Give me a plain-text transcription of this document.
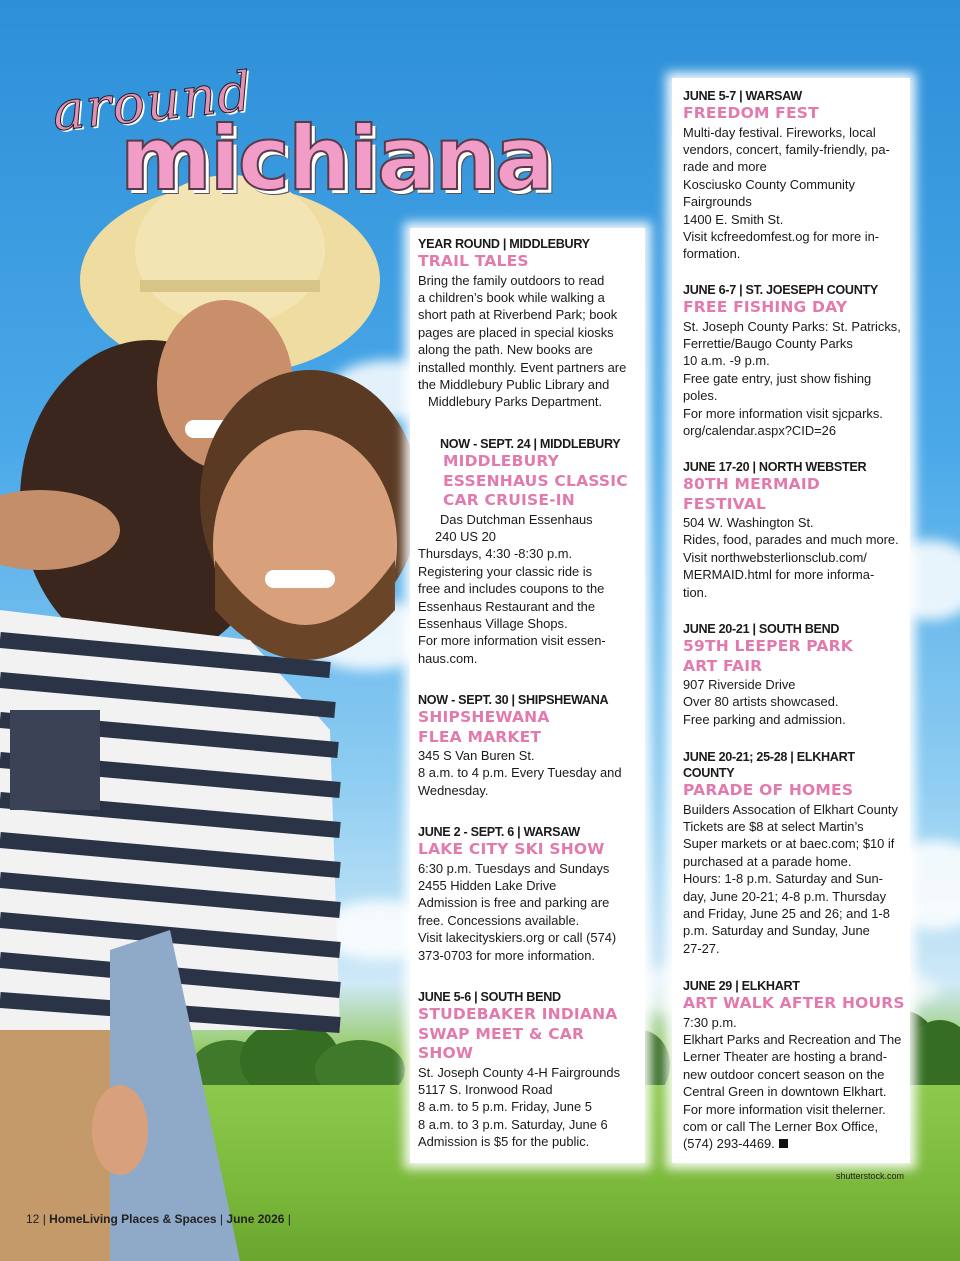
around
michiana
YEAR ROUND | MIDDLEBURY
TRAIL TALES
Bring the family outdoors to read
a children’s book while walking a
short path at Riverbend Park; book
pages are placed in special kiosks
along the path. New books are
installed monthly. Event partners are
the Middlebury Public Library and
Middlebury Parks Department.
NOW - SEPT. 24 | MIDDLEBURY
MIDDLEBURY
ESSENHAUS CLASSIC
CAR CRUISE-IN
Das Dutchman Essenhaus
240 US 20
Thursdays, 4:30 -8:30 p.m.
Registering your classic ride is
free and includes coupons to the
Essenhaus Restaurant and the
Essenhaus Village Shops.
For more information visit essen-
haus.com.
NOW - SEPT. 30 | SHIPSHEWANA
SHIPSHEWANA
FLEA MARKET
345 S Van Buren St.
8 a.m. to 4 p.m. Every Tuesday and
Wednesday.
JUNE 2 - SEPT. 6 | WARSAW
LAKE CITY SKI SHOW
6:30 p.m. Tuesdays and Sundays
2455 Hidden Lake Drive
Admission is free and parking are
free. Concessions available.
Visit lakecityskiers.org or call (574)
373-0703 for more information.
JUNE 5-6 | SOUTH BEND
STUDEBAKER INDIANA
SWAP MEET & CAR
SHOW
St. Joseph County 4-H Fairgrounds
5117 S. Ironwood Road
8 a.m. to 5 p.m. Friday, June 5
8 a.m. to 3 p.m. Saturday, June 6
Admission is $5 for the public.
JUNE 5-7 | WARSAW
FREEDOM FEST
Multi-day festival. Fireworks, local
vendors, concert, family-friendly, pa-
rade and more
Kosciusko County Community
Fairgrounds
1400 E. Smith St.
Visit kcfreedomfest.og for more in-
formation.
JUNE 6-7 | ST. JOESEPH COUNTY
FREE FISHING DAY
St. Joseph County Parks: St. Patricks,
Ferrettie/Baugo County Parks
10 a.m. -9 p.m.
Free gate entry, just show fishing
poles.
For more information visit sjcparks.
org/calendar.aspx?CID=26
JUNE 17-20 | NORTH WEBSTER
80TH MERMAID
FESTIVAL
504 W. Washington St.
Rides, food, parades and much more.
Visit northwebsterlionsclub.com/
MERMAID.html for more informa-
tion.
JUNE 20-21 | SOUTH BEND
59TH LEEPER PARK
ART FAIR
907 Riverside Drive
Over 80 artists showcased.
Free parking and admission.
JUNE 20-21; 25-28 | ELKHART
COUNTY
PARADE OF HOMES
Builders Assocation of Elkhart County
Tickets are $8 at select Martin’s
Super markets or at baec.com; $10 if
purchased at a parade home.
Hours: 1-8 p.m. Saturday and Sun-
day, June 20-21; 4-8 p.m. Thursday
and Friday, June 25 and 26; and 1-8
p.m. Saturday and Sunday, June
27-27.
JUNE 29 | ELKHART
ART WALK AFTER HOURS
7:30 p.m.
Elkhart Parks and Recreation and The
Lerner Theater are hosting a brand-
new outdoor concert season on the
Central Green in downtown Elkhart.
For more information visit thelerner.
com or call The Lerner Box Office,
(574) 293-4469.
shutterstock.com
12 | HomeLiving Places & Spaces | June 2026 |
